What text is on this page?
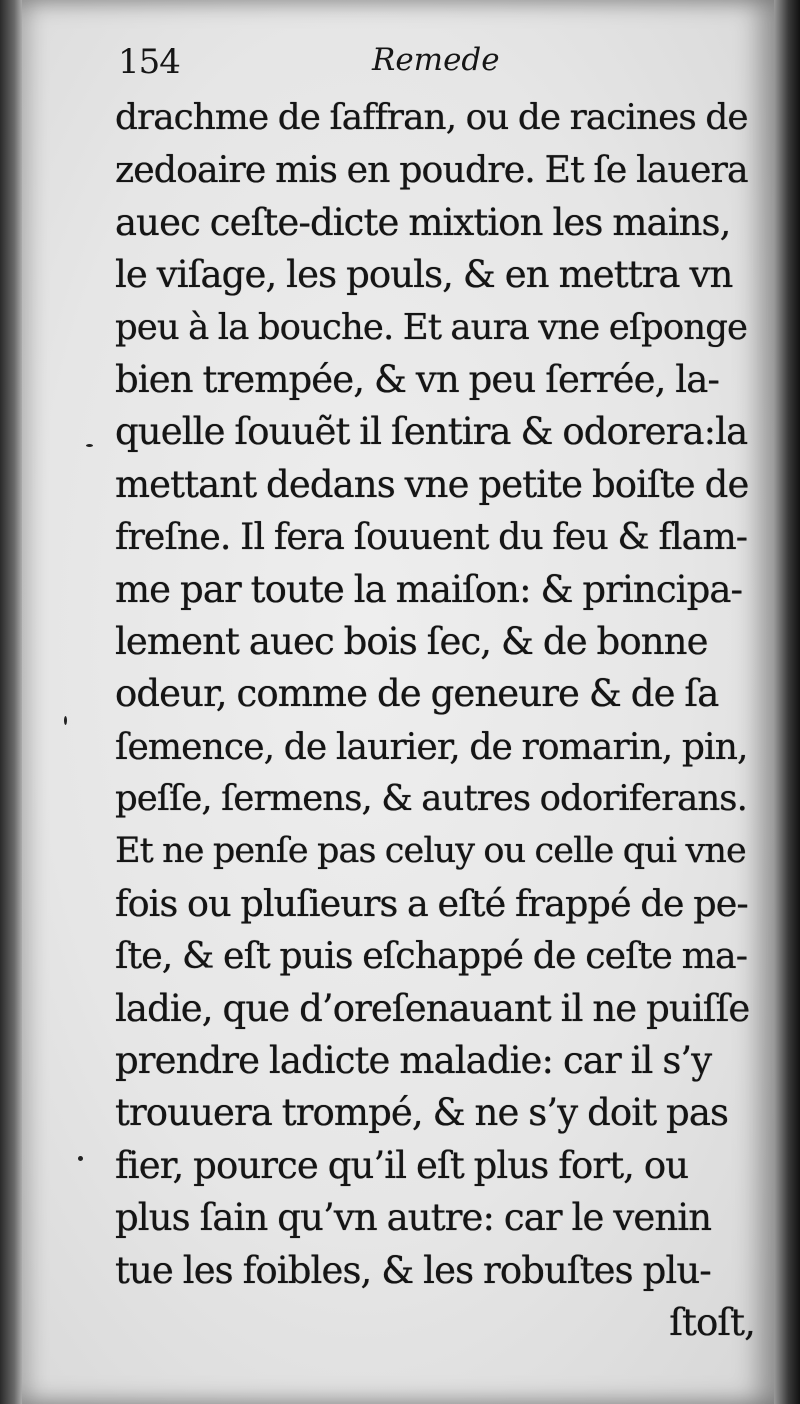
154	Remede
drachme de ſaffran, ou de racines de
zedoaire mis en poudre. Et ſe lauera
auec ceſte-dicte mixtion les mains,
le viſage, les pouls, & en mettra vn
peu à la bouche. Et aura vne eſponge
bien trempée, & vn peu ſerrée, la-
quelle ſouuẽt il ſentira & odorera:la
mettant dedans vne petite boiſte de
freſne. Il fera ſouuent du feu & flam-
me par toute la maiſon: & principa-
lement auec bois ſec, & de bonne
odeur, comme de geneure & de ſa
ſemence, de laurier, de romarin, pin,
peſſe, ſermens, & autres odoriferans.
Et ne penſe pas celuy ou celle qui vne
fois ou pluſieurs a eſté frappé de pe-
ſte, & eſt puis eſchappé de ceſte ma-
ladie, que d’oreſenauant il ne puiſſe
prendre ladicte maladie: car il s’y
trouuera trompé, & ne s’y doit pas
fier, pource qu’il eſt plus fort, ou
plus ſain qu’vn autre: car le venin
tue les foibles, & les robuſtes plu-
ſtoſt,
